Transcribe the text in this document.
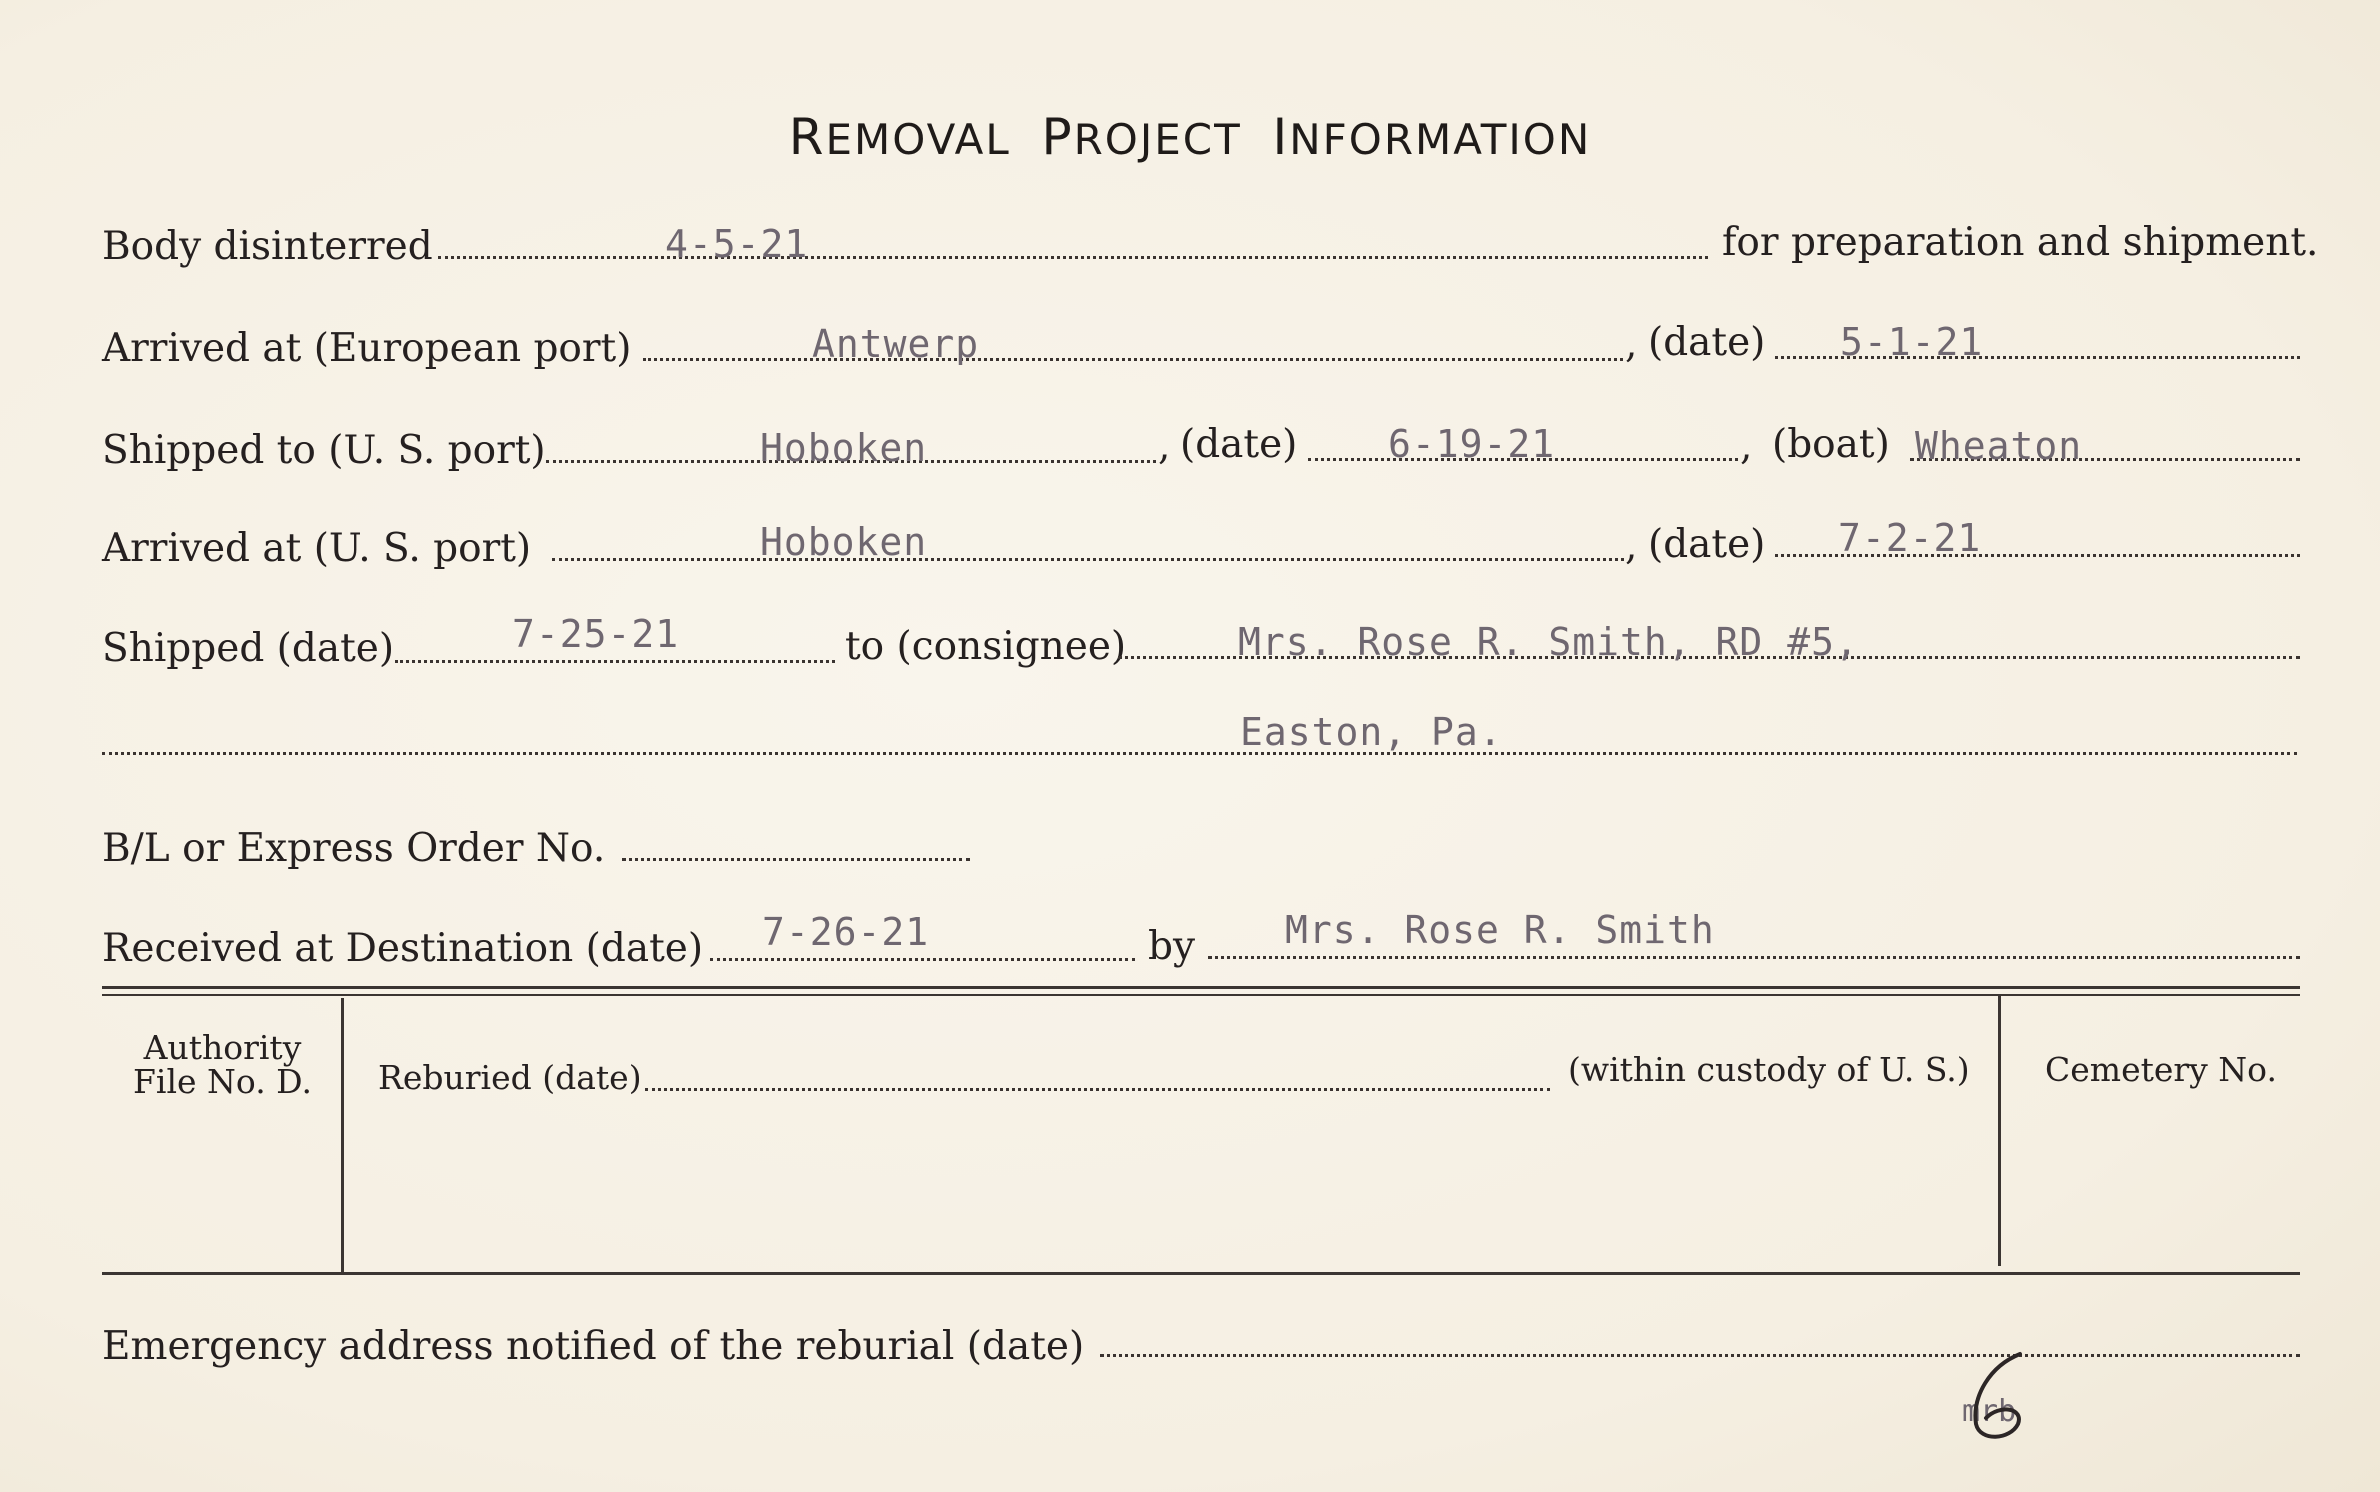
REMOVAL PROJECT INFORMATION
Body disinterred	4-5-21	for preparation and shipment.
Arrived at (European port)	Antwerp	, (date) 5-1-21
Shipped to (U. S. port)	Hoboken	, (date) 6-19-21	, (boat) Wheaton
Arrived at (U. S. port)	Hoboken	, (date) 7-2-21
Shipped (date)	7-25-21	to (consignee)	Mrs. Rose R. Smith, RD #5,
Easton, Pa.
B/L or Express Order No.
Received at Destination (date) 7-26-21	by Mrs. Rose R. Smith
Authority
File No. D.	Reburied (date)	(within custody of U. S.) Cemetery No.
Emergency address notified of the reburial (date)
mrb
